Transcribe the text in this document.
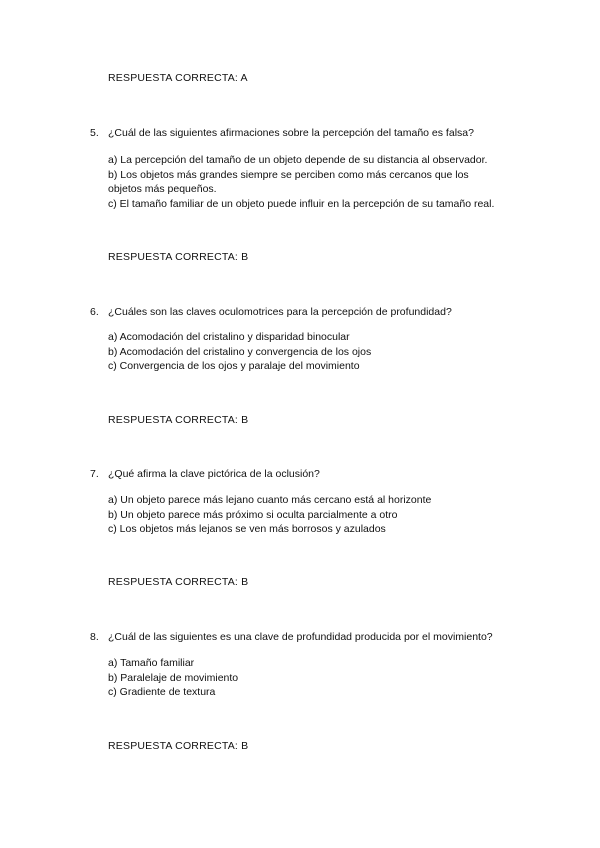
RESPUESTA CORRECTA: A
5. ¿Cuál de las siguientes afirmaciones sobre la percepción del tamaño es falsa?
a) La percepción del tamaño de un objeto depende de su distancia al observador.
b) Los objetos más grandes siempre se perciben como más cercanos que los
objetos más pequeños.
c) El tamaño familiar de un objeto puede influir en la percepción de su tamaño real.
RESPUESTA CORRECTA: B
6. ¿Cuáles son las claves oculomotrices para la percepción de profundidad?
a) Acomodación del cristalino y disparidad binocular
b) Acomodación del cristalino y convergencia de los ojos
c) Convergencia de los ojos y paralaje del movimiento
RESPUESTA CORRECTA: B
7. ¿Qué afirma la clave pictórica de la oclusión?
a) Un objeto parece más lejano cuanto más cercano está al horizonte
b) Un objeto parece más próximo si oculta parcialmente a otro
c) Los objetos más lejanos se ven más borrosos y azulados
RESPUESTA CORRECTA: B
8. ¿Cuál de las siguientes es una clave de profundidad producida por el movimiento?
a) Tamaño familiar
b) Paralelaje de movimiento
c) Gradiente de textura
RESPUESTA CORRECTA: B
